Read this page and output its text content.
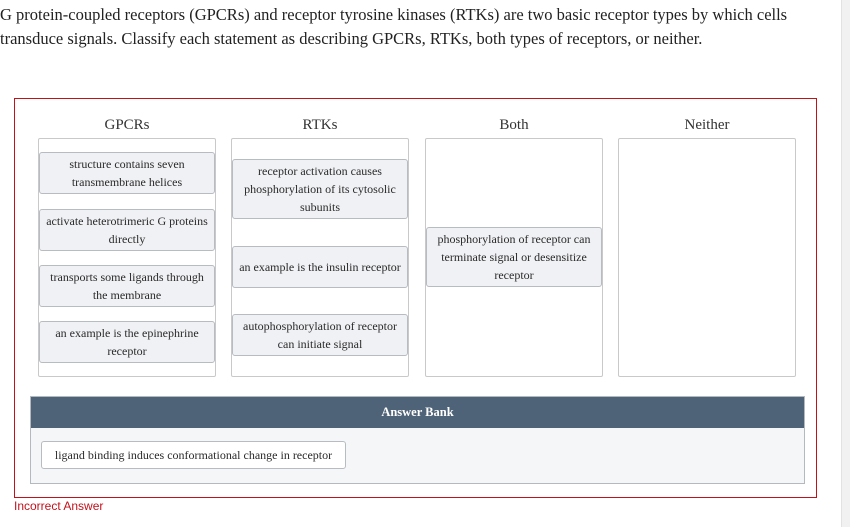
G protein-coupled receptors (GPCRs) and receptor tyrosine kinases (RTKs) are two basic receptor types by which cells transduce signals. Classify each statement as describing GPCRs, RTKs, both types of receptors, or neither.
GPCRs
structure contains seven transmembrane helices
activate heterotrimeric G proteins directly
transports some ligands through the membrane
an example is the epinephrine receptor
RTKs
receptor activation causes phosphorylation of its cytosolic subunits
an example is the insulin receptor
autophosphorylation of receptor can initiate signal
Both
phosphorylation of receptor can terminate signal or desensitize receptor
Neither
Answer Bank
ligand binding induces conformational change in receptor
Incorrect Answer
